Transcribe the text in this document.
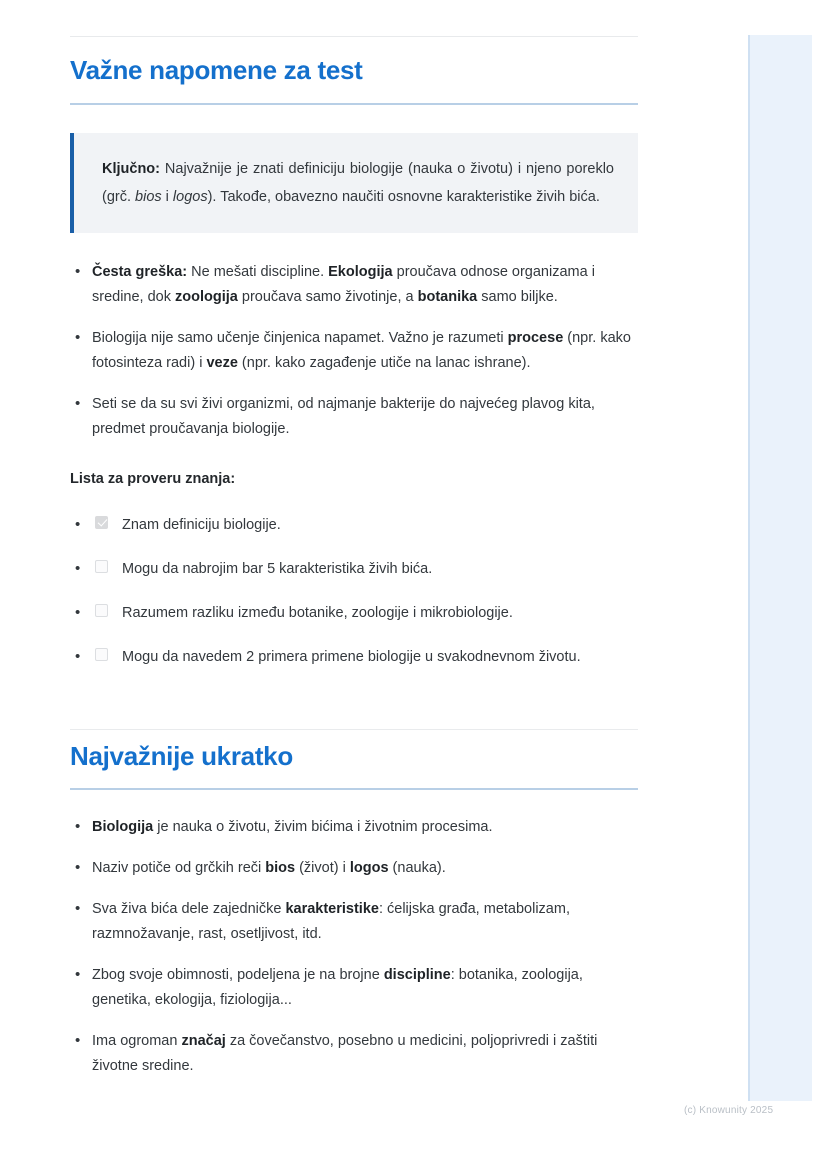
Važne napomene za test

Ključno: Najvažnije je znati definiciju biologije (nauka o životu) i njeno poreklo (grč. bios i logos). Takođe, obavezno naučiti osnovne karakteristike živih bića.

• Česta greška: Ne mešati discipline. Ekologija proučava odnose organizama i sredine, dok zoologija proučava samo životinje, a botanika samo biljke.
• Biologija nije samo učenje činjenica napamet. Važno je razumeti procese (npr. kako fotosinteza radi) i veze (npr. kako zagađenje utiče na lanac ishrane).
• Seti se da su svi živi organizmi, od najmanje bakterije do najvećeg plavog kita, predmet proučavanja biologije.
Lista za proveru znanja:
• Znam definiciju biologije.
• Mogu da nabrojim bar 5 karakteristika živih bića.
• Razumem razliku između botanike, zoologije i mikrobiologije.
• Mogu da navedem 2 primera primene biologije u svakodnevnom životu.
Najvažnije ukratko
• Biologija je nauka o životu, živim bićima i životnim procesima.
• Naziv potiče od grčkih reči bios (život) i logos (nauka).
• Sva živa bića dele zajedničke karakteristike: ćelijska građa, metabolizam, razmnožavanje, rast, osetljivost, itd.
• Zbog svoje obimnosti, podeljena je na brojne discipline: botanika, zoologija, genetika, ekologija, fiziologija...
• Ima ogroman značaj za čovečanstvo, posebno u medicini, poljoprivredi i zaštiti životne sredine.
(c) Knowunity 2025
